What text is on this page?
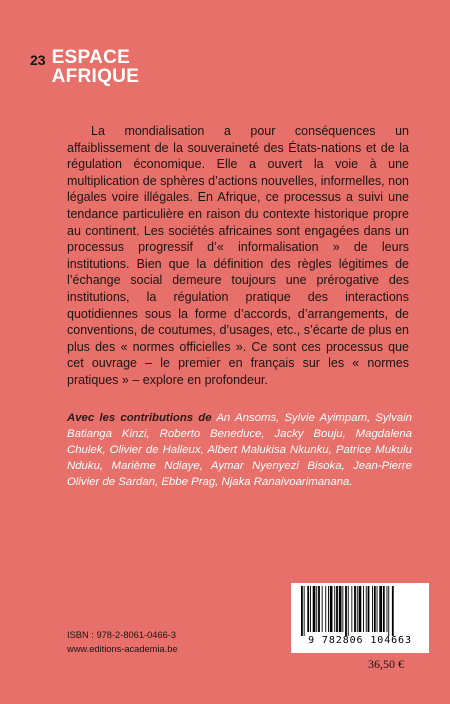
23 ESPACE
AFRIQUE
La mondialisation a pour conséquences un affaiblissement de la souveraineté des États-nations et de la régulation économique. Elle a ouvert la voie à une multiplication de sphères d’actions nouvelles, informelles, non légales voire illégales. En Afrique, ce processus a suivi une tendance particulière en raison du contexte historique propre au continent. Les sociétés africaines sont engagées dans un processus progressif d’« informalisation » de leurs institutions. Bien que la définition des règles légitimes de l’échange social demeure toujours une prérogative des institutions, la régulation pratique des interactions quotidiennes sous la forme d’accords, d’arrangements, de conventions, de coutumes, d’usages, etc., s’écarte de plus en plus des « normes officielles ». Ce sont ces processus que cet ouvrage – le premier en français sur les « normes pratiques » – explore en profondeur.
Avec les contributions de An Ansoms, Sylvie Ayimpam, Sylvain Batianga Kinzi, Roberto Beneduce, Jacky Bouju, Magdalena Chulek, Olivier de Halleux, Albert Malukisa Nkunku, Patrice Mukulu Nduku, Marième Ndiaye, Aymar Nyenyezi Bisoka, Jean-Pierre Olivier de Sardan, Ebbe Prag, Njaka Ranaivoarimanana.
ISBN : 978-2-8061-0466-3
www.editions-academia.be
9 782806 104663
36,50 €
